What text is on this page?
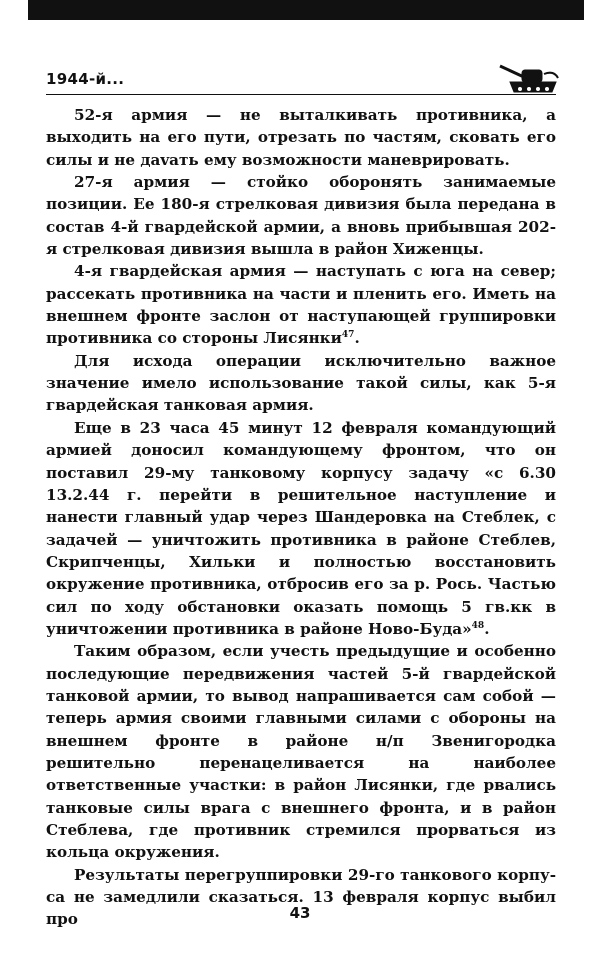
1944-й...

52-я армия — не выталкивать противника, а выходить на его пути, отрезать по частям, сковать его силы и не даvать ему возможности маневрировать.

27-я армия — стойко оборонять занимаемые позиции. Ее 180-я стрелковая дивизия была передана в состав 4-й гвардейской армии, а вновь прибывшая 202-я стрелковая дивизия вышла в район Хиженцы.

4-я гвардейская армия — наступать с юга на север; рассекать противника на части и пленить его. Иметь на внешнем фронте заслон от наступающей группировки противника со стороны Лисянки$^{47}$.

Для исхода операции исключительно важное значение имело использование такой силы, как 5-я гвардейская танковая армия.

Еще в 23 часа 45 минут 12 февраля командующий армией доносил командующему фронтом, что он поставил 29-му танковому корпусу задачу «с 6.30 13.2.44 г. перейти в решительное наступление и нанести главный удар через Шандеровка на Стеблек, с задачей — уничтожить противника в районе Стеблев, Скрипченцы, Хильки и полностью восстановить окружение противника, отбросив его за р. Рось. Частью сил по ходу обстановки оказать помощь 5 гв.кк в уничтожении противника в районе Ново-Буда»$^{48}$.

Таким образом, если учесть предыдущие и особенно последующие передвижения частей 5-й гвардейской танковой армии, то вывод напрашивается сам собой — теперь армия своими главными силами с обороны на внешнем фронте в районе н/п Звенигородка решительно перенацеливается на наиболее ответственные участки: в район Лисянки, где рвались танковые силы врага с внешнего фронта, и в район Стеблева, где противник стремился прорваться из кольца окружения.

Результаты перегруппировки 29-го танкового корпуса не замедлили сказаться. 13 февраля корпус выбил про	43
